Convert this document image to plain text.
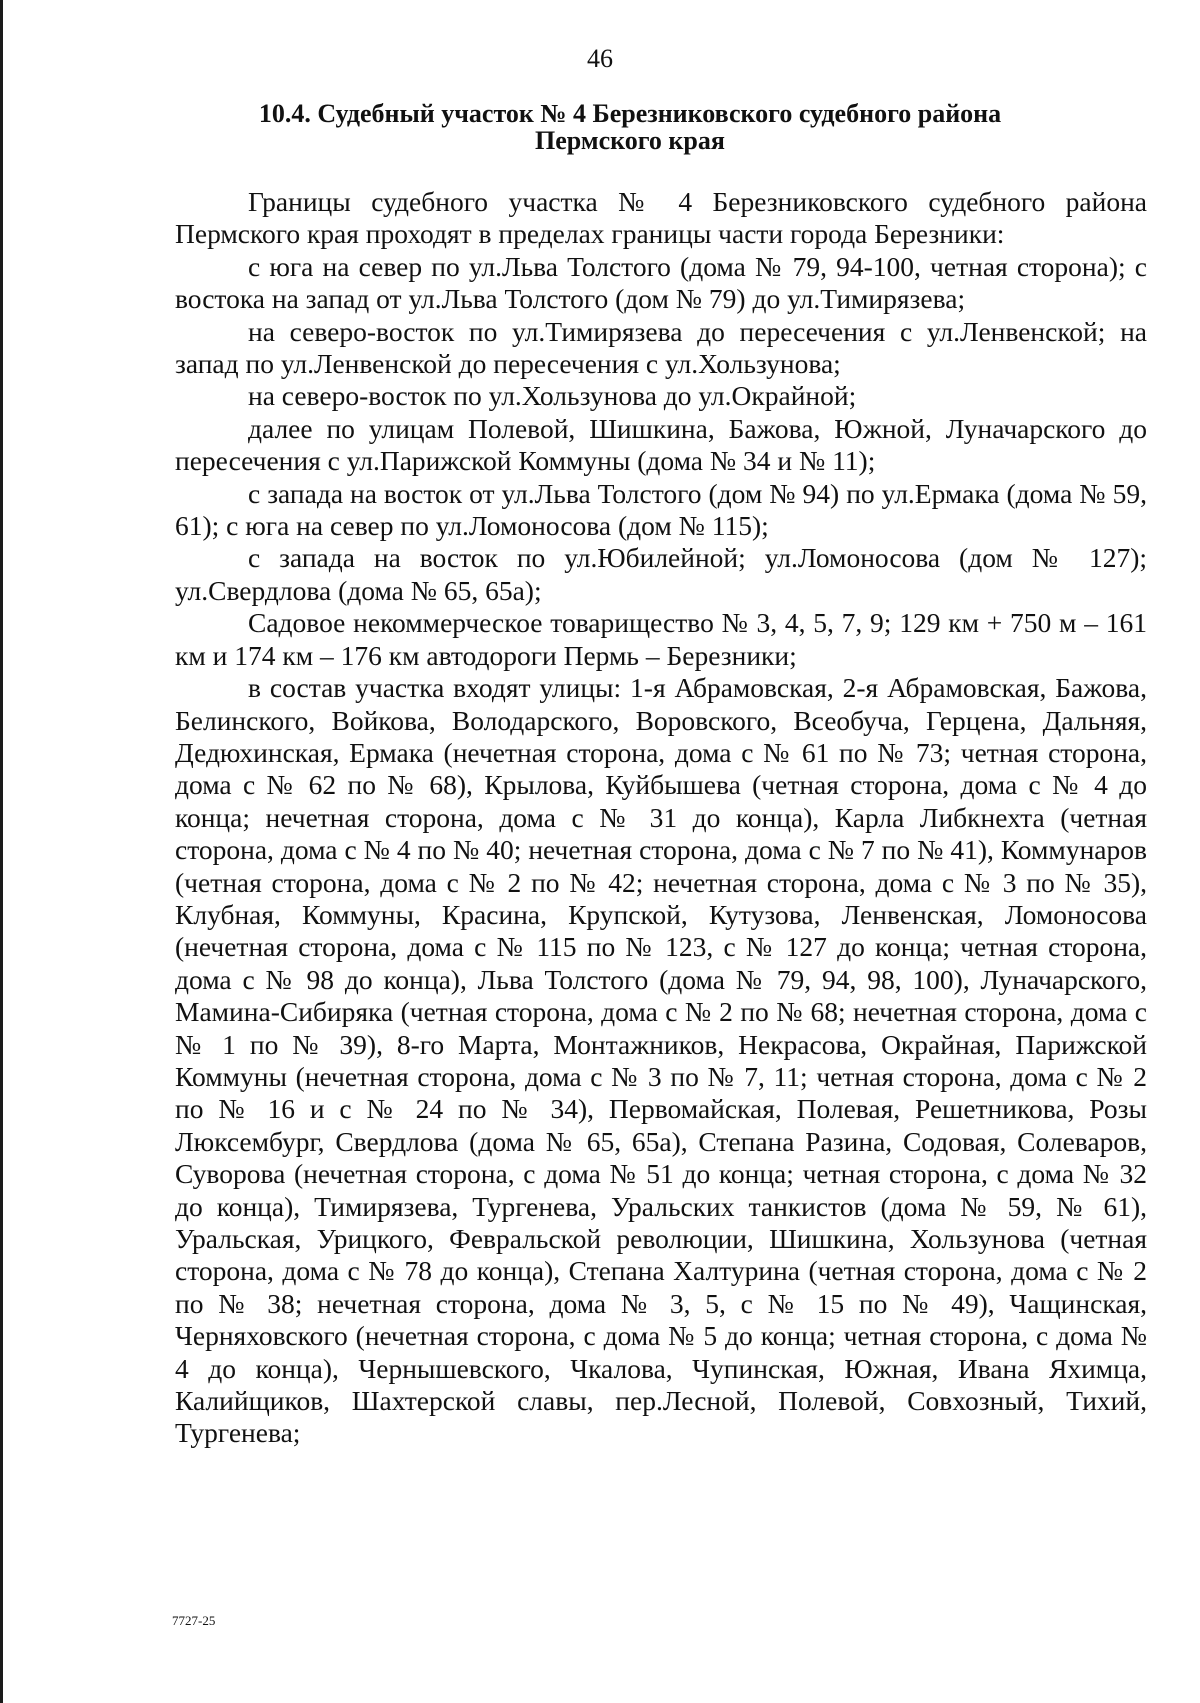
46
10.4. Судебный участок № 4 Березниковского судебного района
Пермского края

Границы судебного участка № 4 Березниковского судебного района Пермского края проходят в пределах границы части города Березники:

с юга на север по ул.Льва Толстого (дома № 79, 94-100, четная сторона); с востока на запад от ул.Льва Толстого (дом № 79) до ул.Тимирязева;

на северо-восток по ул.Тимирязева до пересечения с ул.Ленвенской; на запад по ул.Ленвенской до пересечения с ул.Хользунова;

на северо-восток по ул.Хользунова до ул.Окрайной;

далее по улицам Полевой, Шишкина, Бажова, Южной, Луначарского до пересечения с ул.Парижской Коммуны (дома № 34 и № 11);

с запада на восток от ул.Льва Толстого (дом № 94) по ул.Ермака (дома № 59, 61); с юга на север по ул.Ломоносова (дом № 115);

с запада на восток по ул.Юбилейной; ул.Ломоносова (дом № 127); ул.Свердлова (дома № 65, 65а);

Садовое некоммерческое товарищество № 3, 4, 5, 7, 9; 129 км + 750 м – 161 км и 174 км – 176 км автодороги Пермь – Березники;

в состав участка входят улицы: 1-я Абрамовская, 2-я Абрамовская, Бажова, Белинского, Войкова, Володарского, Воровского, Всеобуча, Герцена, Дальняя, Дедюхинская, Ермака (нечетная сторона, дома с № 61 по № 73; четная сторона, дома с № 62 по № 68), Крылова, Куйбышева (четная сторона, дома с № 4 до конца; нечетная сторона, дома с № 31 до конца), Карла Либкнехта (четная сторона, дома с № 4 по № 40; нечетная сторона, дома с № 7 по № 41), Коммунаров (четная сторона, дома с № 2 по № 42; нечетная сторона, дома с № 3 по № 35), Клубная, Коммуны, Красина, Крупской, Кутузова, Ленвенская, Ломоносова (нечетная сторона, дома с № 115 по № 123, с № 127 до конца; четная сторона, дома с № 98 до конца), Льва Толстого (дома № 79, 94, 98, 100), Луначарского, Мамина-Сибиряка (четная сторона, дома с № 2 по № 68; нечетная сторона, дома с № 1 по № 39), 8-го Марта, Монтажников, Некрасова, Окрайная, Парижской Коммуны (нечетная сторона, дома с № 3 по № 7, 11; четная сторона, дома с № 2 по № 16 и с № 24 по № 34), Первомайская, Полевая, Решетникова, Розы Люксембург, Свердлова (дома № 65, 65а), Степана Разина, Содовая, Солеваров, Суворова (нечетная сторона, с дома № 51 до конца; четная сторона, с дома № 32 до конца), Тимирязева, Тургенева, Уральских танкистов (дома № 59, № 61), Уральская, Урицкого, Февральской революции, Шишкина, Хользунова (четная сторона, дома с № 78 до конца), Степана Халтурина (четная сторона, дома с № 2 по № 38; нечетная сторона, дома № 3, 5, с № 15 по № 49), Чащинская, Черняховского (нечетная сторона, с дома № 5 до конца; четная сторона, с дома № 4 до конца), Чернышевского, Чкалова, Чупинская, Южная, Ивана Яхимца, Калийщиков, Шахтерской славы, пер.Лесной, Полевой, Совхозный, Тихий, Тургенева;

7727-25
